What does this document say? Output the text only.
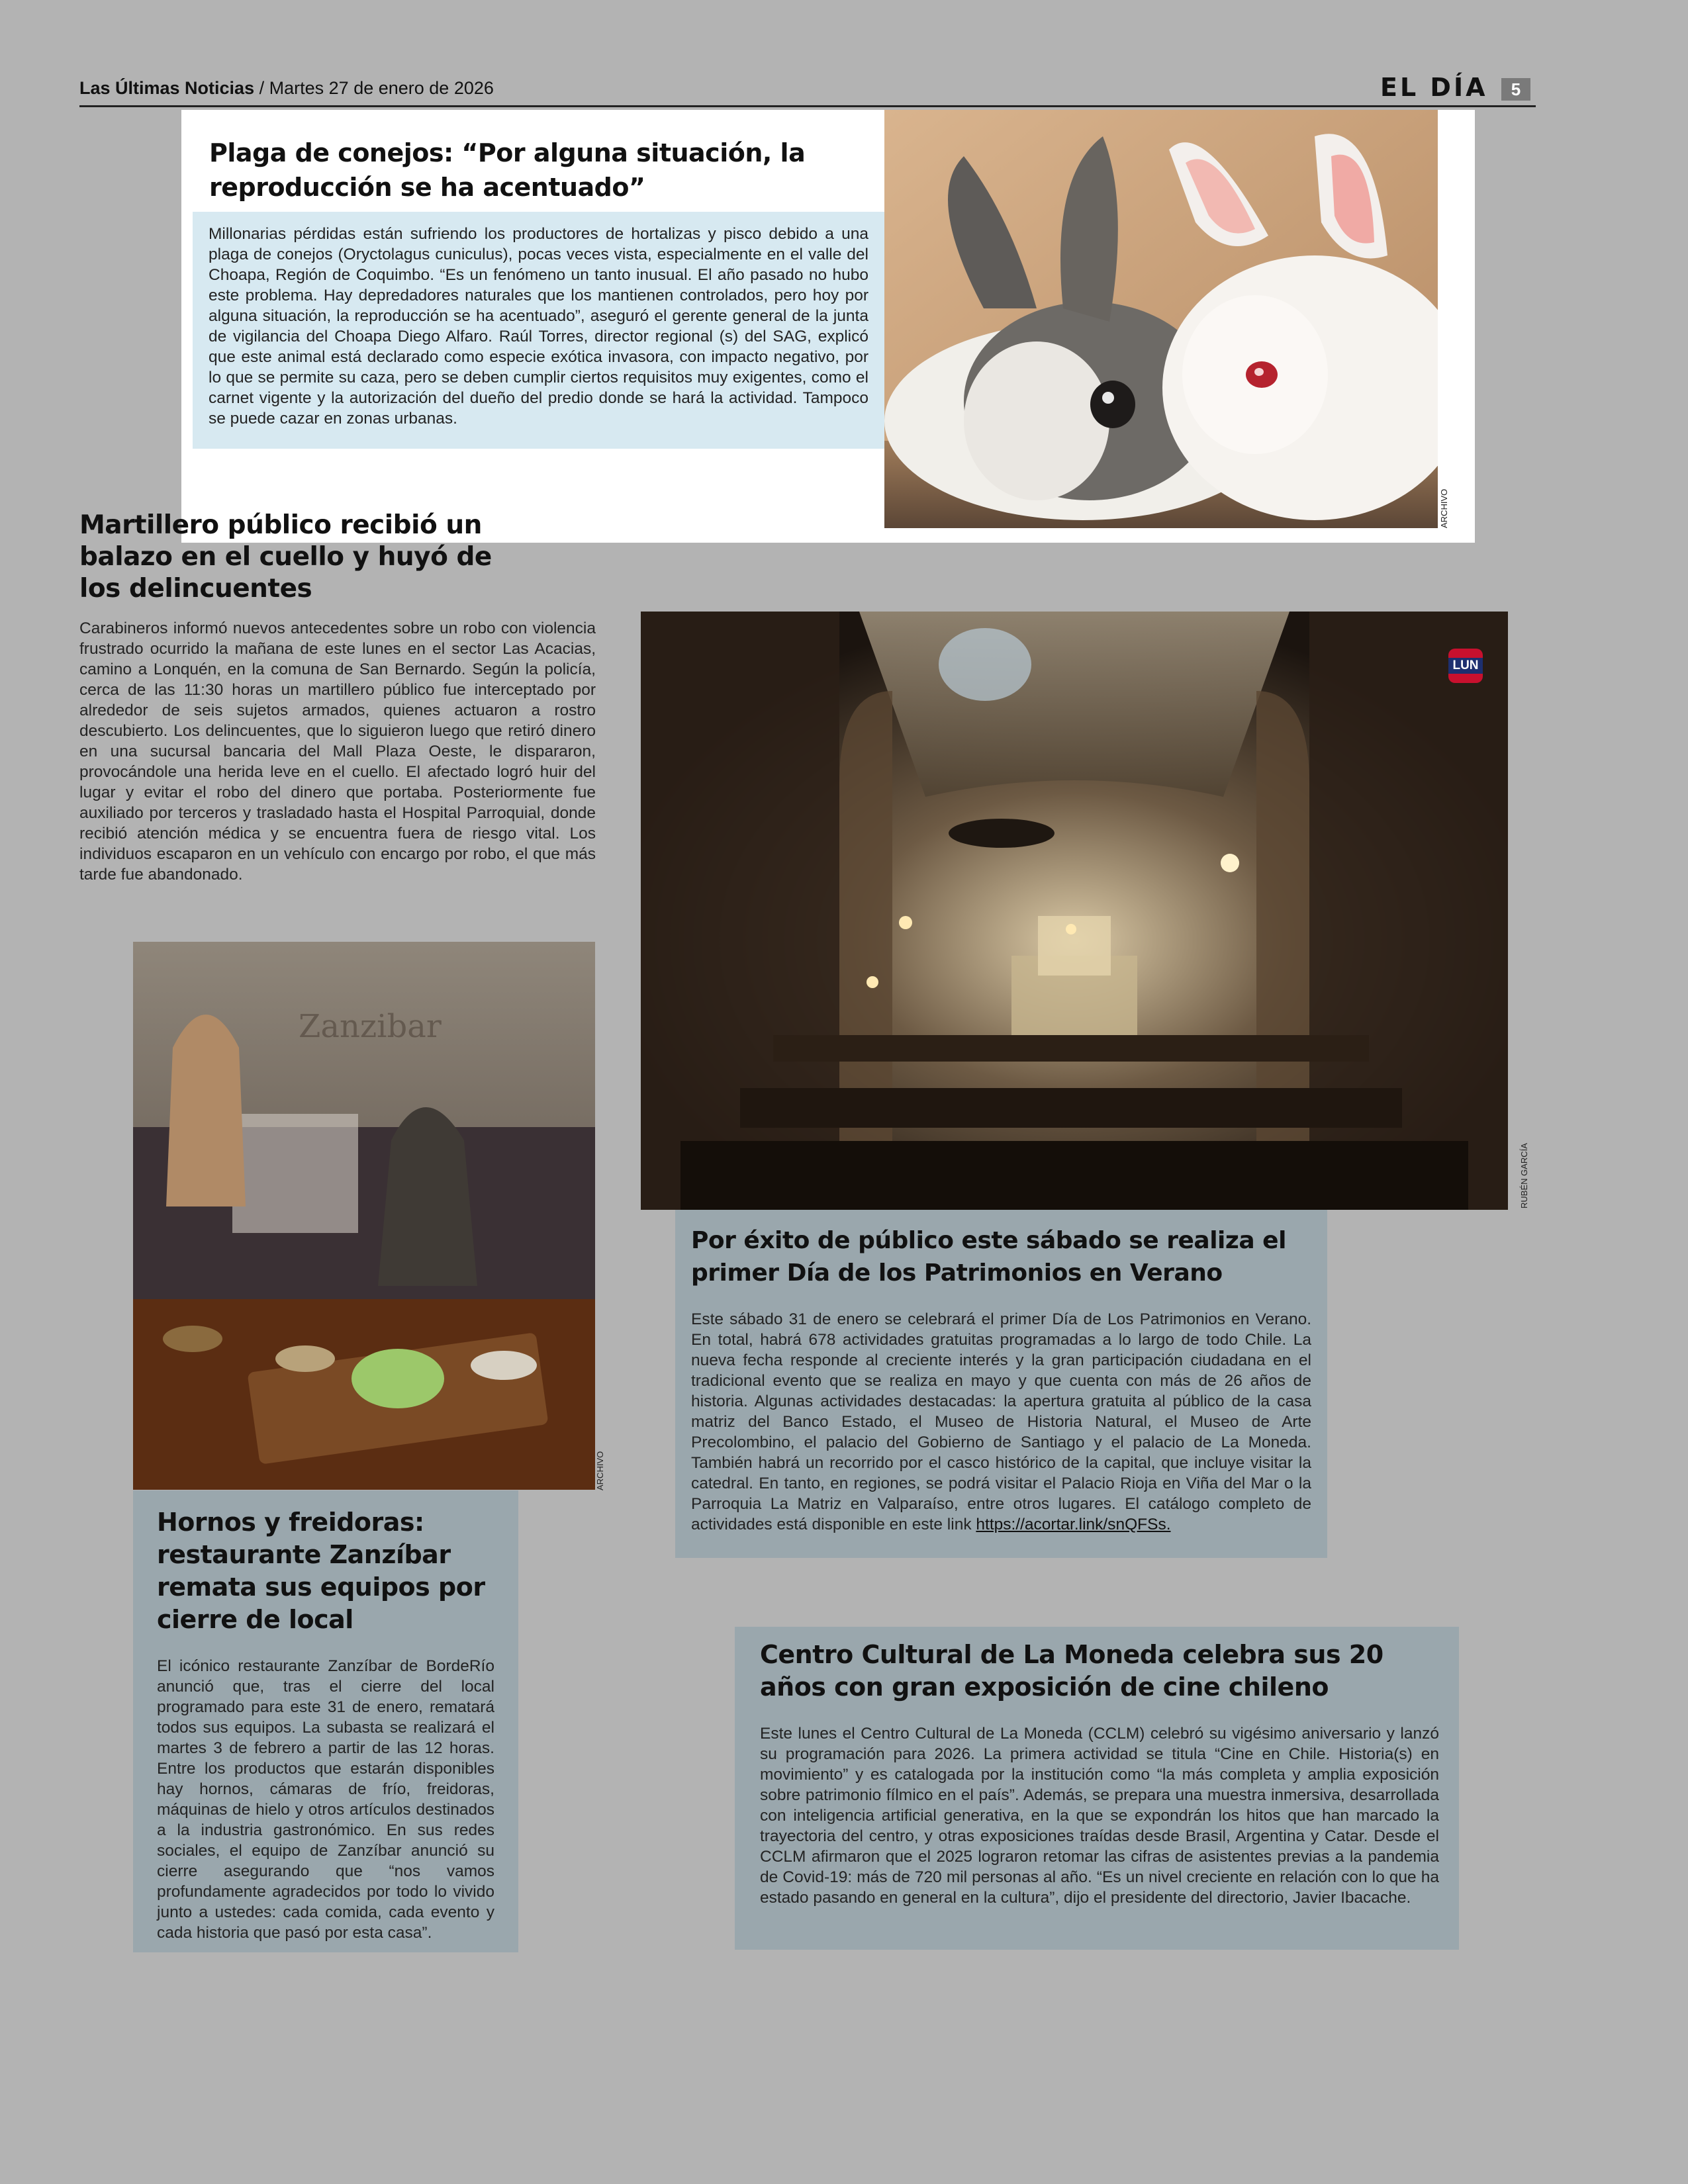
Las Últimas Noticias / Martes 27 de enero de 2026	EL DÍA	5
Plaga de conejos: “Por alguna situación, la reproducción se ha acentuado”

Millonarias pérdidas están sufriendo los productores de hortalizas y pisco debido a una plaga de conejos (Oryctolagus cuniculus), pocas veces vista, especialmente en el valle del Choapa, Región de Coquimbo. “Es un fenómeno un tanto inusual. El año pasado no hubo este problema. Hay depredadores naturales que los mantienen controlados, pero hoy por alguna situación, la reproducción se ha acentuado”, aseguró el gerente general de la junta de vigilancia del Choapa Diego Alfaro. Raúl Torres, director regional (s) del SAG, explicó que este animal está declarado como especie exótica invasora, con impacto negativo, por lo que se permite su caza, pero se deben cumplir ciertos requisitos muy exigentes, como el carnet vigente y la autorización del dueño del predio donde se hará la actividad. Tampoco se puede cazar en zonas urbanas.

ARCHIVO
Martillero público recibió un balazo en el cuello y huyó de los delincuentes

Carabineros informó nuevos antecedentes sobre un robo con violencia frustrado ocurrido la mañana de este lunes en el sector Las Acacias, camino a Lonquén, en la comuna de San Bernardo. Según la policía, cerca de las 11:30 horas un martillero público fue interceptado por alrededor de seis sujetos armados, quienes actuaron a rostro descubierto. Los delincuentes, que lo siguieron luego que retiró dinero en una sucursal bancaria del Mall Plaza Oeste, le dispararon, provocándole una herida leve en el cuello. El afectado logró huir del lugar y evitar el robo del dinero que portaba. Posteriormente fue auxiliado por terceros y trasladado hasta el Hospital Parroquial, donde recibió atención médica y se encuentra fuera de riesgo vital. Los individuos escaparon en un vehículo con encargo por robo, el que más tarde fue abandonado.

LUN
RUBÉN GARCÍA
Por éxito de público este sábado se realiza el primer Día de los Patrimonios en Verano

Este sábado 31 de enero se celebrará el primer Día de Los Patrimonios en Verano. En total, habrá 678 actividades gratuitas programadas a lo largo de todo Chile. La nueva fecha responde al creciente interés y la gran participación ciudadana en el tradicional evento que se realiza en mayo y que cuenta con más de 26 años de historia. Algunas actividades destacadas: la apertura gratuita al público de la casa matriz del Banco Estado, el Museo de Historia Natural, el Museo de Arte Precolombino, el palacio del Gobierno de Santiago y el palacio de La Moneda. También habrá un recorrido por el casco histórico de la capital, que incluye visitar la catedral. En tanto, en regiones, se podrá visitar el Palacio Rioja en Viña del Mar o la Parroquia La Matriz en Valparaíso, entre otros lugares. El catálogo completo de actividades está disponible en este link https://acortar.link/snQFSs.

Zanzibar
ARCHIVO
Hornos y freidoras: restaurante Zanzíbar remata sus equipos por cierre de local

El icónico restaurante Zanzíbar de BordeRío anunció que, tras el cierre del local programado para este 31 de enero, rematará todos sus equipos. La subasta se realizará el martes 3 de febrero a partir de las 12 horas. Entre los productos que estarán disponibles hay hornos, cámaras de frío, freidoras, máquinas de hielo y otros artículos destinados a la industria gastronómico. En sus redes sociales, el equipo de Zanzíbar anunció su cierre asegurando que “nos vamos profundamente agradecidos por todo lo vivido junto a ustedes: cada comida, cada evento y cada historia que pasó por esta casa”.

Centro Cultural de La Moneda celebra sus 20 años con gran exposición de cine chileno

Este lunes el Centro Cultural de La Moneda (CCLM) celebró su vigésimo aniversario y lanzó su programación para 2026. La primera actividad se titula “Cine en Chile. Historia(s) en movimiento” y es catalogada por la institución como “la más completa y amplia exposición sobre patrimonio fílmico en el país”. Además, se prepara una muestra inmersiva, desarrollada con inteligencia artificial generativa, en la que se expondrán los hitos que han marcado la trayectoria del centro, y otras exposiciones traídas desde Brasil, Argentina y Catar. Desde el CCLM afirmaron que el 2025 lograron retomar las cifras de asistentes previas a la pandemia de Covid-19: más de 720 mil personas al año. “Es un nivel creciente en relación con lo que ha estado pasando en general en la cultura”, dijo el presidente del directorio, Javier Ibacache.
